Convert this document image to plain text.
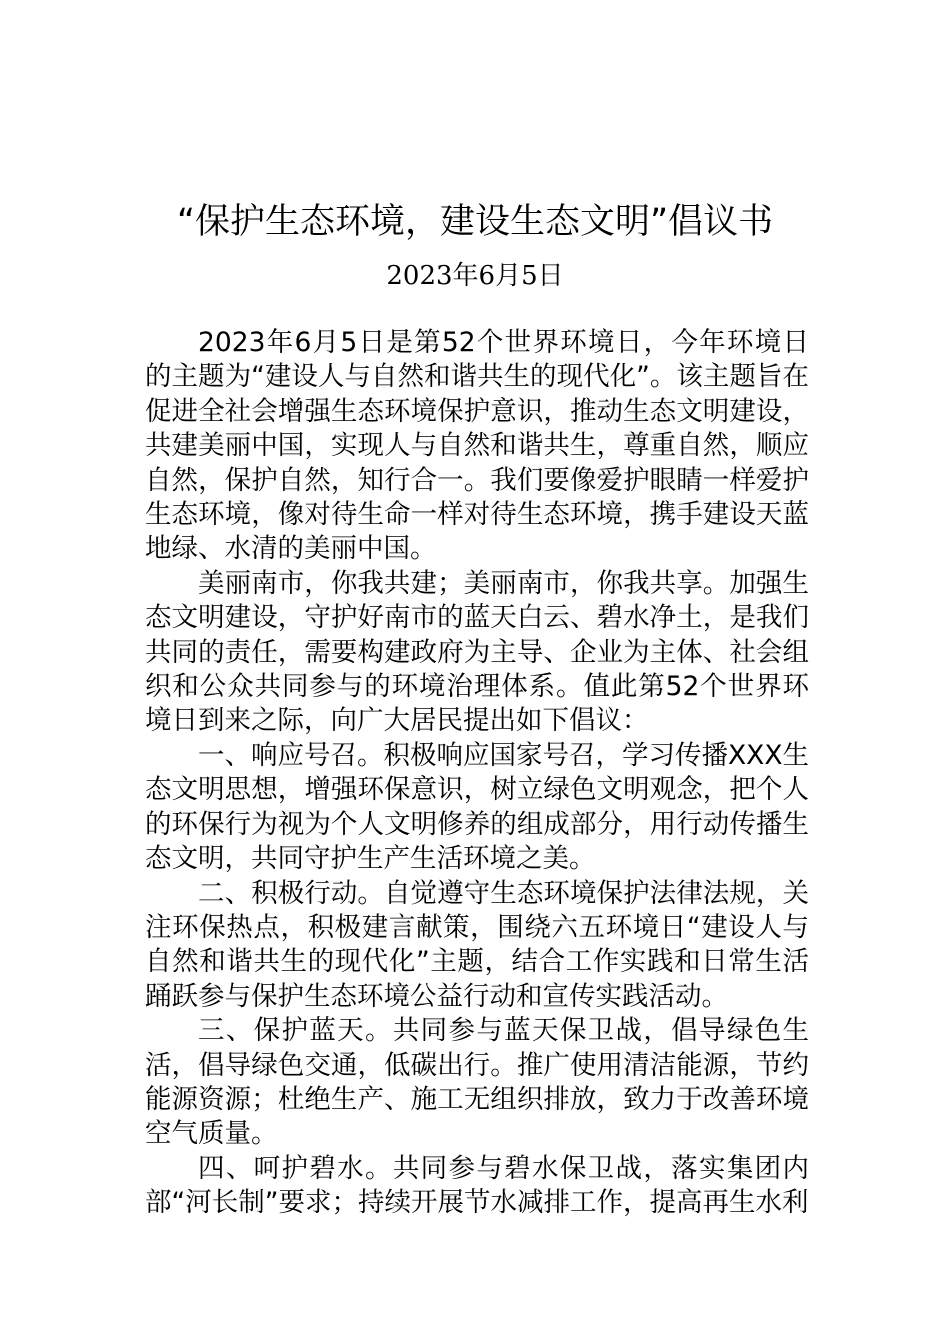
“保护生态环境，建设生态文明”倡议书
2023年6月5日

2023年6月5日是第52个世界环境日，今年环境日的主题为“建设人与自然和谐共生的现代化”。该主题旨在促进全社会增强生态环境保护意识，推动生态文明建设，共建美丽中国，实现人与自然和谐共生，尊重自然，顺应自然，保护自然，知行合一。我们要像爱护眼睛一样爱护生态环境，像对待生命一样对待生态环境，携手建设天蓝地绿、水清的美丽中国。

美丽南市，你我共建；美丽南市，你我共享。加强生态文明建设，守护好南市的蓝天白云、碧水净土，是我们共同的责任，需要构建政府为主导、企业为主体、社会组织和公众共同参与的环境治理体系。值此第52个世界环境日到来之际，向广大居民提出如下倡议：

一、响应号召。积极响应国家号召，学习传播XXX生态文明思想，增强环保意识，树立绿色文明观念，把个人的环保行为视为个人文明修养的组成部分，用行动传播生态文明，共同守护生产生活环境之美。

二、积极行动。自觉遵守生态环境保护法律法规，关注环保热点，积极建言献策，围绕六五环境日“建设人与自然和谐共生的现代化”主题，结合工作实践和日常生活踊跃参与保护生态环境公益行动和宣传实践活动。

三、保护蓝天。共同参与蓝天保卫战，倡导绿色生活，倡导绿色交通，低碳出行。推广使用清洁能源，节约能源资源；杜绝生产、施工无组织排放，致力于改善环境空气质量。

四、呵护碧水。共同参与碧水保卫战，落实集团内部“河长制”要求；持续开展节水减排工作，提高再生水利
